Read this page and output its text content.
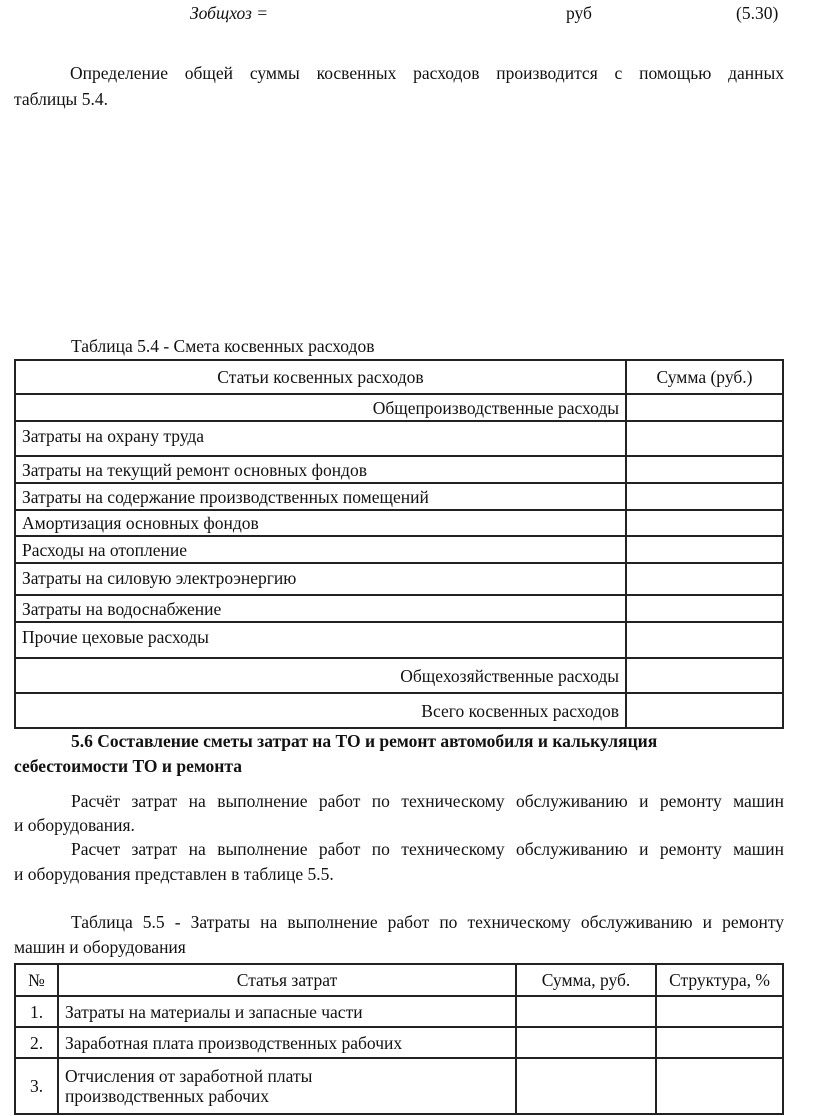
Зобщхоз =	руб	(5.30)
Определение общей суммы косвенных расходов производится с помощью данных
таблицы 5.4.
Таблица 5.4 - Смета косвенных расходов
Статьи косвенных расходов	Сумма (руб.)
Общепроизводственные расходы	
Затраты на охрану труда	
Затраты на текущий ремонт основных фондов	
Затраты на содержание производственных помещений	
Амортизация основных фондов	
Расходы на отопление	
Затраты на силовую электроэнергию	
Затраты на водоснабжение	
Прочие цеховые расходы	
Общехозяйственные расходы	
Всего косвенных расходов	
5.6 Составление сметы затрат на ТО и ремонт автомобиля и калькуляция
себестоимости ТО и ремонта
Расчёт затрат на выполнение работ по техническому обслуживанию и ремонту машин
и оборудования.
Расчет затрат на выполнение работ по техническому обслуживанию и ремонту машин
и оборудования представлен в таблице 5.5.
Таблица 5.5 - Затраты на выполнение работ по техническому обслуживанию и ремонту
машин и оборудования
№	Статья затрат	Сумма, руб.	Структура, %
1.	Затраты на материалы и запасные части		
2.	Заработная плата производственных рабочих		
3.	Отчисления от заработной платы производственных рабочих		
